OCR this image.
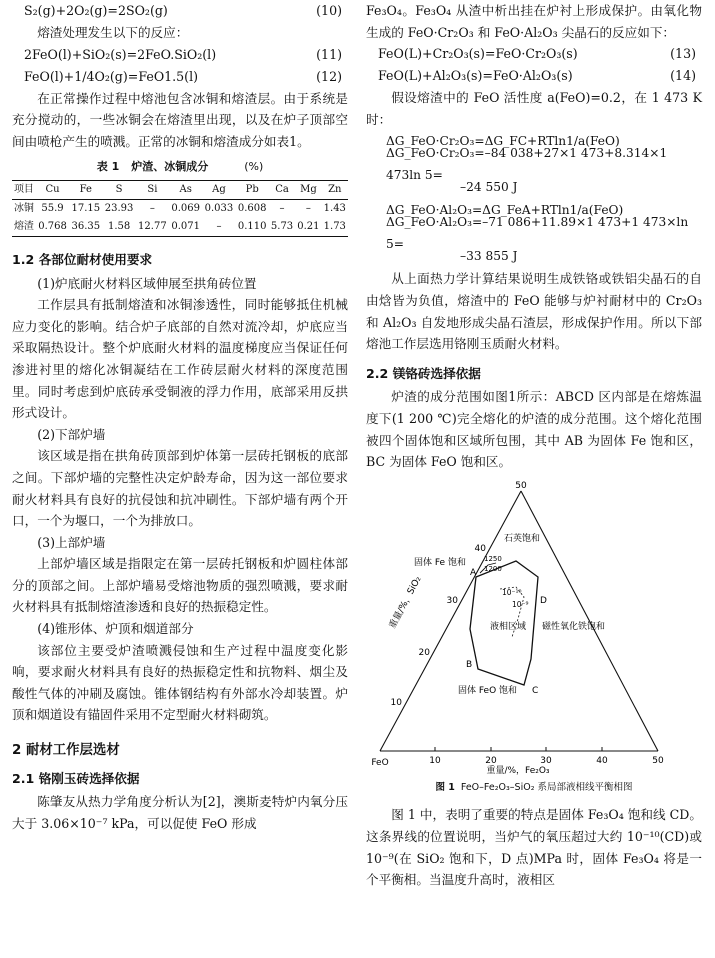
S₂(g)+2O₂(g)=2SO₂(g)	(10)

熔渣处理发生以下的反应：

2FeO(l)+SiO₂(s)=2FeO.SiO₂(l)	(11)
FeO(l)+1/4O₂(g)=FeO1.5(l)	(12)

在正常操作过程中熔池包含冰铜和熔渣层。由于系统是充分搅动的，一些冰铜会在熔渣里出现，以及在炉子顶部空间由喷枪产生的喷溅。正常的冰铜和熔渣成分如表1。

表 1 炉渣、冰铜成分	(%)
项目	Cu	Fe	S	Si	As	Ag	Pb	Ca	Mg	Zn
冰铜	55.9	17.15	23.93	–	0.069	0.033	0.608	–	–	1.43
熔渣	0.768	36.35	1.58	12.77	0.071	–	0.110	5.73	0.21	1.73
1.2 各部位耐材使用要求

(1)炉底耐火材料区域伸展至拱角砖位置

工作层具有抵制熔渣和冰铜渗透性，同时能够抵住机械应力变化的影响。结合炉子底部的自然对流冷却，炉底应当采取隔热设计。整个炉底耐火材料的温度梯度应当保证任何渗进衬里的熔化冰铜凝结在工作砖层耐火材料的深度范围里。同时考虑到炉底砖承受铜液的浮力作用，底部采用反拱形式设计。

(2)下部炉墙

该区域是指在拱角砖顶部到炉体第一层砖托钢板的底部之间。下部炉墙的完整性决定炉龄寿命，因为这一部位要求耐火材料具有良好的抗侵蚀和抗冲刷性。下部炉墙有两个开口，一个为堰口，一个为排放口。

(3)上部炉墙

上部炉墙区域是指限定在第一层砖托钢板和炉圆柱体部分的顶部之间。上部炉墙易受熔池物质的强烈喷溅，要求耐火材料具有抵制熔渣渗透和良好的热振稳定性。

(4)锥形体、炉顶和烟道部分

该部位主要受炉渣喷溅侵蚀和生产过程中温度变化影响，要求耐火材料具有良好的热振稳定性和抗物料、烟尘及酸性气体的冲刷及腐蚀。锥体钢结构有外部水冷却装置。炉顶和烟道设有锚固件采用不定型耐火材料砌筑。

2 耐材工作层选材
2.1 铬刚玉砖选择依据

陈肇友从热力学角度分析认为[2]，澳斯麦特炉内氧分压大于 3.06×10⁻⁷ kPa，可以促使 FeO 形成

Fe₃O₄。Fe₃O₄ 从渣中析出挂在炉衬上形成保护。由氧化物生成的 FeO·Cr₂O₃ 和 FeO·Al₂O₃ 尖晶石的反应如下：

FeO(L)+Cr₂O₃(s)=FeO·Cr₂O₃(s)	(13)
FeO(L)+Al₂O₃(s)=FeO·Al₂O₃(s)	(14)

假设熔渣中的 FeO 活性度 a(FeO)=0.2，在 1 473 K 时：

ΔG_FeO·Cr₂O₃=ΔG_FC+RTln1/a(FeO)
ΔG_FeO·Cr₂O₃=–84 038+27×1 473+8.314×1 473ln 5=
–24 550 J
ΔG_FeO·Al₂O₃=ΔG_FeA+RTln1/a(FeO)
ΔG_FeO·Al₂O₃=–71 086+11.89×1 473+1 473×ln 5=
–33 855 J

从上面热力学计算结果说明生成铁铬或铁铝尖晶石的自由焓皆为负值，熔渣中的 FeO 能够与炉衬耐材中的 Cr₂O₃ 和 Al₂O₃ 自发地形成尖晶石渣层，形成保护作用。所以下部熔池工作层选用铬刚玉质耐火材料。

2.2 镁铬砖选择依据

炉渣的成分范围如图1所示：ABCD 区内部是在熔炼温度下(1 200 ℃)完全熔化的炉渣的成分范围。这个熔化范围被四个固体饱和区域所包围，其中 AB 为固体 Fe 饱和区，BC 为固体 FeO 饱和区。

10	20	30	40	50
FeO
10
20
30
40
50
重量/%，SiO₂
重量/%，Fe₂O₃
A
B
C
D
石英饱和
固体 Fe 饱和
液相区域 磁性氧化铁饱和
固体 FeO 饱和
10⁻¹⁰
10⁻⁹
1250
1200
图 1 FeO–Fe₂O₃–SiO₂ 系局部液相线平衡相图

图 1 中，表明了重要的特点是固体 Fe₃O₄ 饱和线 CD。这条界线的位置说明，当炉气的氧压超过大约 10⁻¹⁰(CD)或 10⁻⁹(在 SiO₂ 饱和下，D 点)MPa 时，固体 Fe₃O₄ 将是一个平衡相。当温度升高时，液相区
